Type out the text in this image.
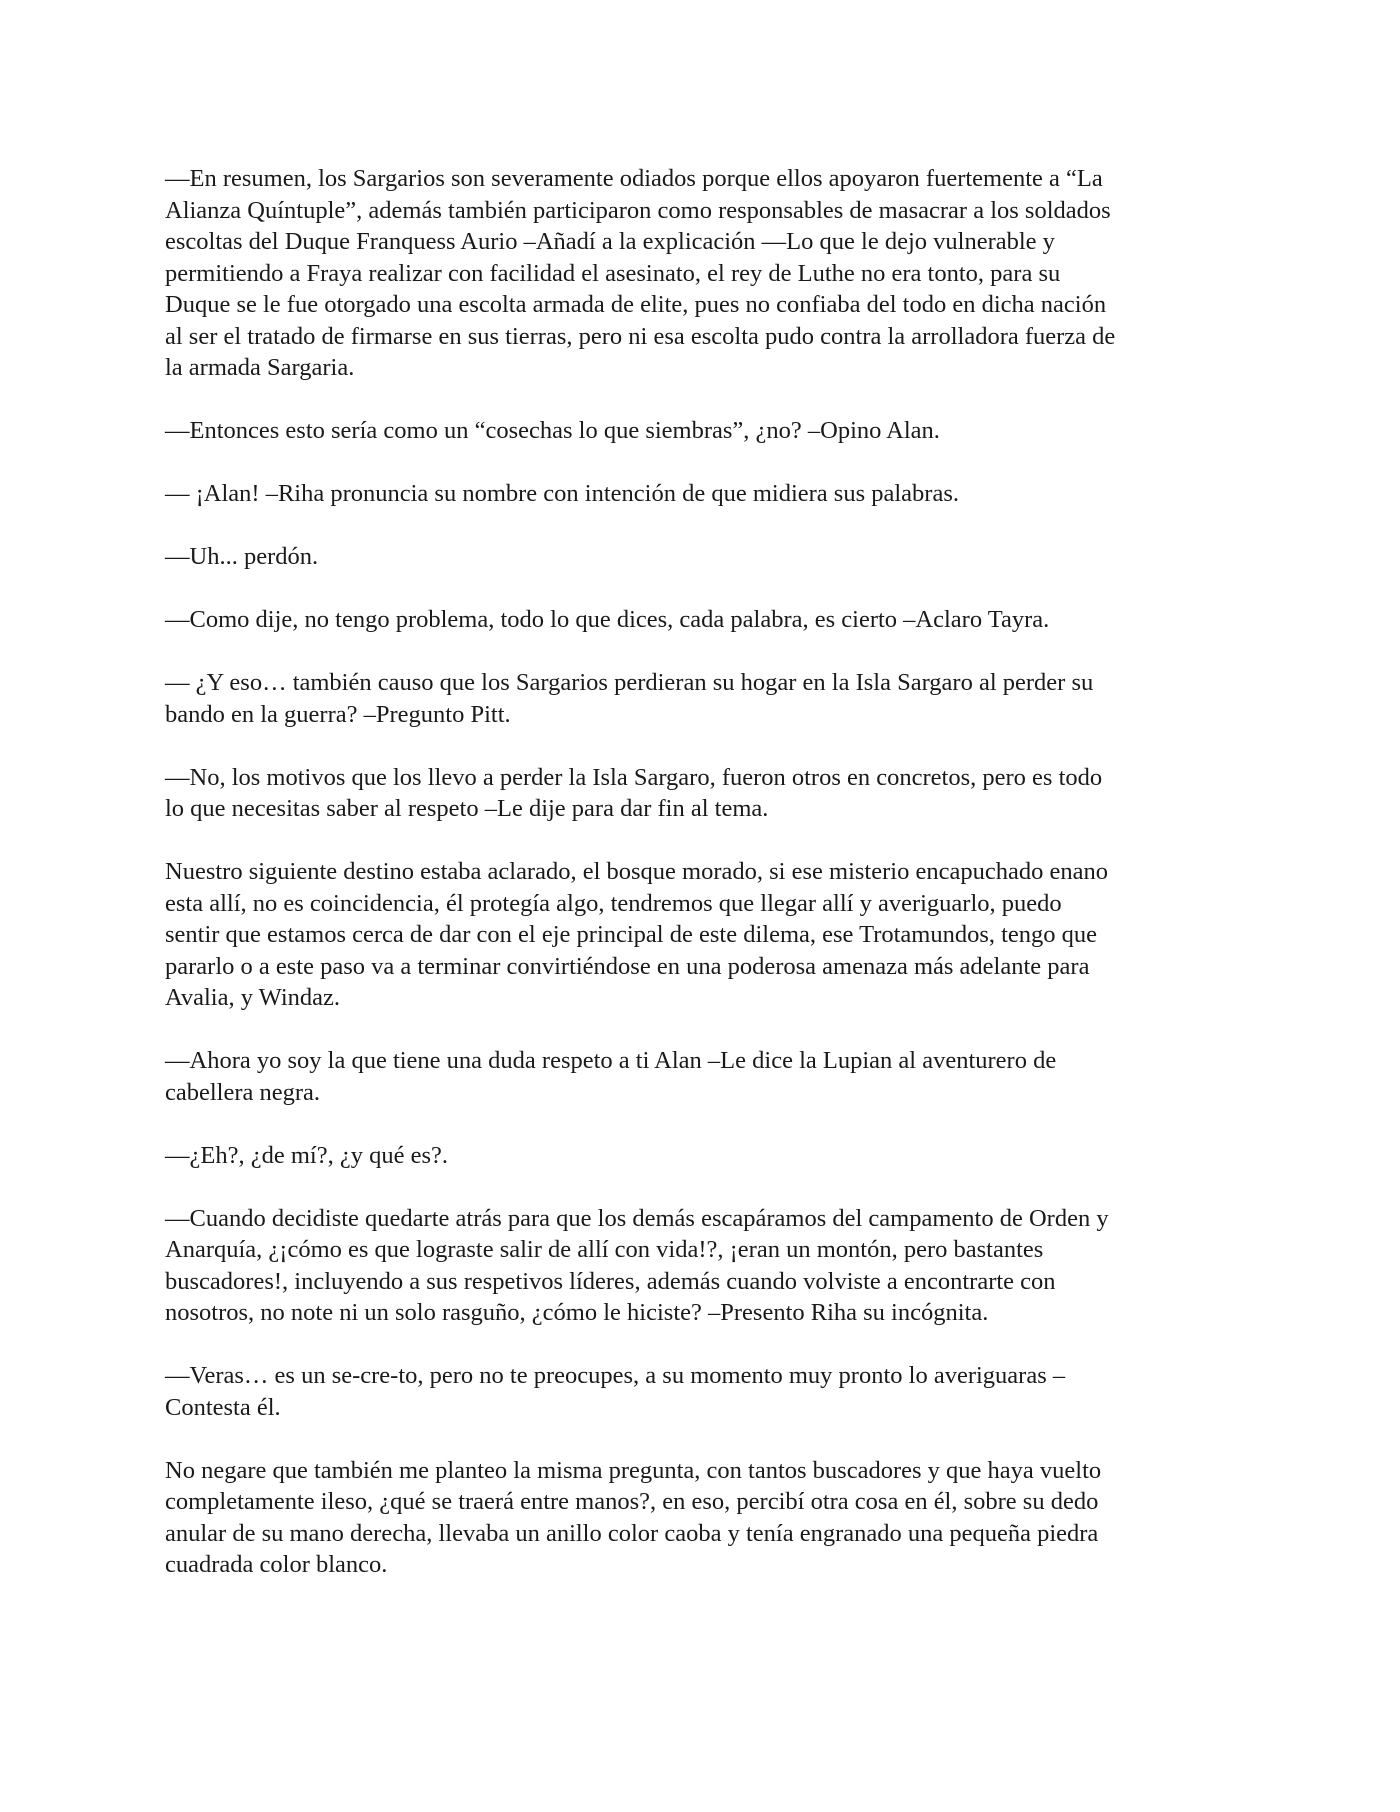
—En resumen, los Sargarios son severamente odiados porque ellos apoyaron fuertemente a “La
Alianza Quíntuple”, además también participaron como responsables de masacrar a los soldados
escoltas del Duque Franquess Aurio –Añadí a la explicación —Lo que le dejo vulnerable y
permitiendo a Fraya realizar con facilidad el asesinato, el rey de Luthe no era tonto, para su
Duque se le fue otorgado una escolta armada de elite, pues no confiaba del todo en dicha nación
al ser el tratado de firmarse en sus tierras, pero ni esa escolta pudo contra la arrolladora fuerza de
la armada Sargaria.

—Entonces esto sería como un “cosechas lo que siembras”, ¿no? –Opino Alan.

— ¡Alan! –Riha pronuncia su nombre con intención de que midiera sus palabras.

—Uh... perdón.

—Como dije, no tengo problema, todo lo que dices, cada palabra, es cierto –Aclaro Tayra.

— ¿Y eso… también causo que los Sargarios perdieran su hogar en la Isla Sargaro al perder su
bando en la guerra? –Pregunto Pitt.

—No, los motivos que los llevo a perder la Isla Sargaro, fueron otros en concretos, pero es todo
lo que necesitas saber al respeto –Le dije para dar fin al tema.

Nuestro siguiente destino estaba aclarado, el bosque morado, si ese misterio encapuchado enano
esta allí, no es coincidencia, él protegía algo, tendremos que llegar allí y averiguarlo, puedo
sentir que estamos cerca de dar con el eje principal de este dilema, ese Trotamundos, tengo que
pararlo o a este paso va a terminar convirtiéndose en una poderosa amenaza más adelante para
Avalia, y Windaz.

—Ahora yo soy la que tiene una duda respeto a ti Alan –Le dice la Lupian al aventurero de
cabellera negra.

—¿Eh?, ¿de mí?, ¿y qué es?.

—Cuando decidiste quedarte atrás para que los demás escapáramos del campamento de Orden y
Anarquía, ¿¡cómo es que lograste salir de allí con vida!?, ¡eran un montón, pero bastantes
buscadores!, incluyendo a sus respetivos líderes, además cuando volviste a encontrarte con
nosotros, no note ni un solo rasguño, ¿cómo le hiciste? –Presento Riha su incógnita.

—Veras… es un se-cre-to, pero no te preocupes, a su momento muy pronto lo averiguaras –
Contesta él.

No negare que también me planteo la misma pregunta, con tantos buscadores y que haya vuelto
completamente ileso, ¿qué se traerá entre manos?, en eso, percibí otra cosa en él, sobre su dedo
anular de su mano derecha, llevaba un anillo color caoba y tenía engranado una pequeña piedra
cuadrada color blanco.
